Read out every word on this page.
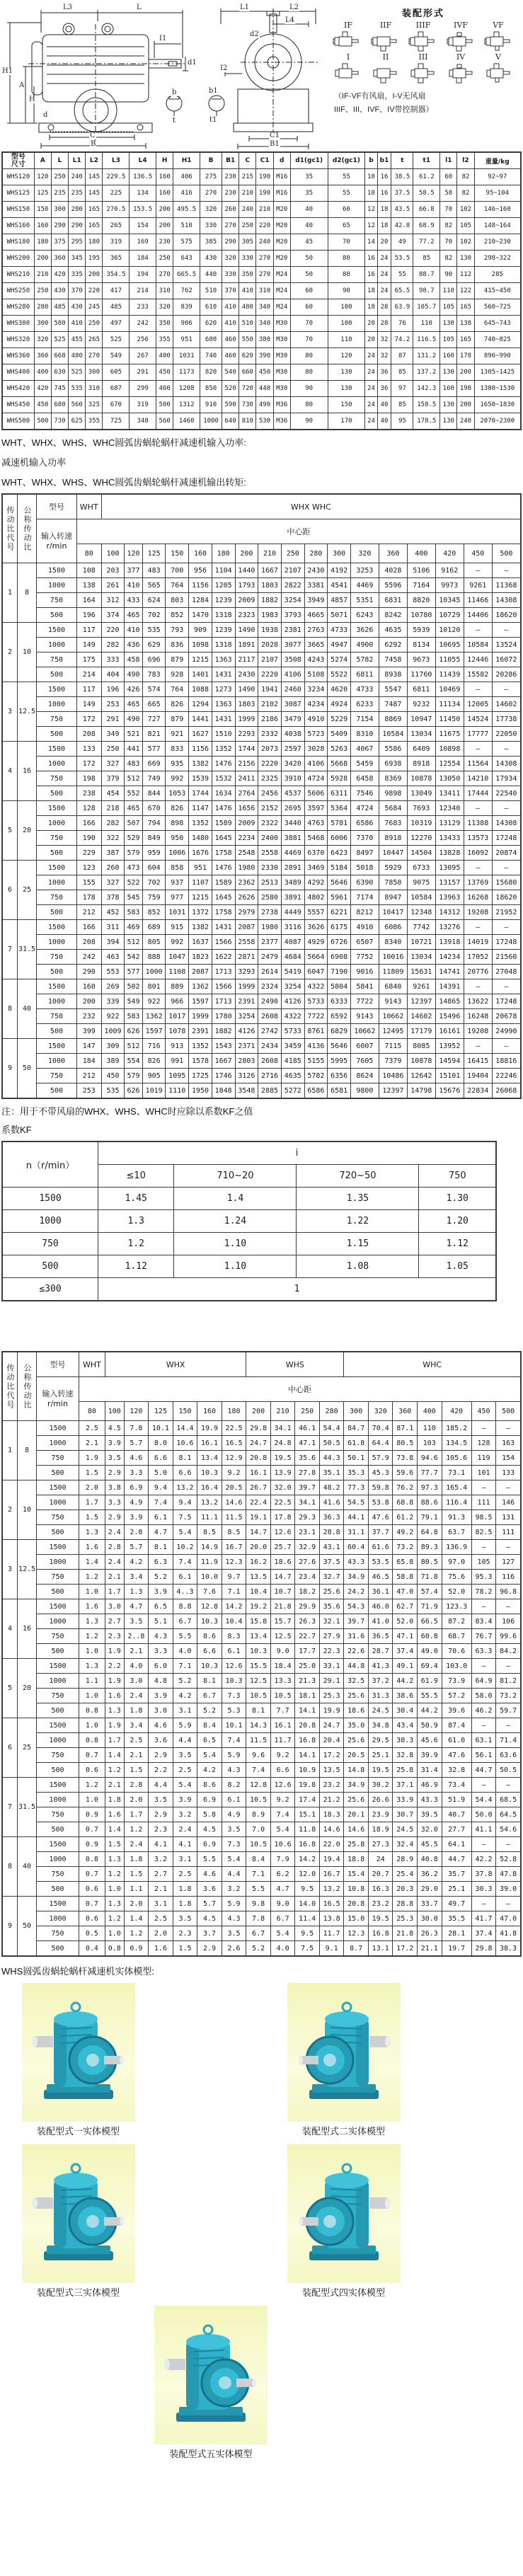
L3	L
H1
A
H
d
I1
d1
C
B
b
t
L1	L2
L4
d2
I2
b1
t1
C1
B1
装配形式
IF	IIF	IIIF	IVF	VF
I	II	III	IV	V
（IF-VF有风扇，I-V无风扇
IIIF、III、IVF、IV带控制器）
型号
尺寸	A	L	L1	L2	L3	L4	H	H1	B	B1	C	C1	d	d1(gc1)	d2(gc1)	b	b1	t	t1	l1	l2	重量/kg
WHS120	120	250	240	145	229.5	136.5	160	406	275	230	215	190	M16	35	55	10	16	38.5	61.2	60	82	92~97
WHS125	125	235	235	145	225	134	160	416	270	230	210	190	M16	35	55	10	16	37.5	58.5	58	82	95~104
WHS150	150	300	280	165	270.5	153.5	200	495.5	320	260	240	210	M20	40	60	12	18	43.5	66.8	70	102	146~160
WHS160	160	290	290	165	265	154	200	510	330	270	250	220	M20	40	65	12	18	42.8	68.9	82	105	148~164
WHS180	180	375	295	180	319	169	230	575	385	290	305	240	M20	45	70	14	20	49	77.2	70	102	210~230
WHS200	200	360	345	195	365	184	250	643	430	320	330	270	M20	50	80	16	24	53.5	85	82	130	298~322
WHS210	210	420	335	200	354.5	194	270	665.5	440	330	350	270	M24	50	80	16	24	55	88.7	90	112	285
WHS250	250	430	370	220	417	214	310	762	510	370	410	310	M24	60	90	18	24	65.5	98.7	110	122	415~450
WHS280	280	485	430	245	485	233	320	839	610	410	480	340	M24	60	100	18	28	63.9	105.7	105	165	560~725
WHS300	300	580	410	250	497	242	350	906	620	410	510	340	M30	70	100	20	28	76	110	130	138	645~743
WHS320	320	525	455	265	525	256	355	951	680	460	550	380	M30	70	110	20	32	74.2	116.5	105	165	740~825
WHS360	360	668	480	270	549	267	400	1031	740	460	620	390	M30	80	120	24	32	87	131.2	160	178	896~990
WHS400	400	630	525	300	605	291	450	1173	820	540	660	450	M30	80	130	24	36	85	137.2	130	200	1305~1425
WHS420	420	745	535	310	687	299	460	1208	850	520	720	440	M30	90	130	24	36	97	142.3	160	198	1380~1530
WHS450	450	680	560	325	670	319	500	1312	910	590	730	490	M36	80	150	24	40	85	158.5	130	200	1650~1830
WHS500	500	730	625	355	725	348	560	1460	1000	640	810	530	M36	90	170	24	40	95	178.5	130	240	2070~2300

WHT、WHX、WHS、WHC圆弧齿蜗轮蜗杆减速机输入功率:

减速机输入功率

WHT、WHX、WHS、WHC圆弧齿蜗轮蜗杆减速机输出转矩:

传动比代号	公称传动比	型号	WHT	WHX WHC																

		输入转速
r/min	中心距																	
			80	100	120	125	150	160	180	200	210	250	280	300	320	360	400	420	450	500
1	8	1500	108	203	377	483	700	956	1104	1440	1667	2107	2430	4192	3253	4028	5106	9162	—	—
		1000	138	261	410	565	764	1156	1205	1793	1803	2822	3381	4541	4469	5596	7164	9973	9261	11368
		750	164	312	433	624	803	1284	1239	2009	1882	3254	3949	4857	5351	6831	8820	10345	11466	14308
		500	196	374	465	702	852	1470	1318	2323	1983	3793	4665	5071	6243	8242	10780	10729	14406	18620
2	10	1500	117	220	410	535	793	909	1239	1490	1938	2381	2763	4733	3626	4635	5939	10120	—	—
		1000	149	282	436	629	836	1098	1318	1891	2028	3077	3665	4947	4900	6292	8134	10695	10584	13524
		750	175	333	458	696	879	1215	1363	2117	2107	3508	4243	5274	5782	7458	9673	11055	12446	16072
		500	214	404	490	783	928	1401	1431	2430	2220	4106	5108	5522	6811	8938	11760	11439	15582	20286
3	12.5	1500	117	196	426	574	764	1088	1273	1490	1941	2460	3234	4620	4733	5547	6811	10469	—	—
		1000	149	253	465	665	826	1294	1363	1803	2102	3087	4234	4924	6233	7487	9232	11134	12005	14602
		750	172	291	490	727	879	1441	1431	1999	2186	3479	4910	5229	7154	8869	10947	11450	14524	17738
		500	208	349	521	821	921	1627	1510	2293	2332	4038	5723	5409	8310	10584	13034	11675	17777	22050
4	16	1500	133	250	441	577	833	1156	1352	1744	2073	2597	3028	5263	4067	5586	6409	10898	—	—
		1000	172	327	483	669	935	1382	1476	2156	2220	3420	4106	5668	5459	6938	8918	12554	11564	14308
		750	198	379	512	749	992	1539	1532	2411	2325	3910	4724	5928	6458	8369	10878	13050	14210	17934
		500	238	454	552	844	1053	1744	1634	2764	2456	4537	5606	6311	7546	9898	13049	13411	17444	22540
5	20	1500	128	218	465	670	826	1147	1476	1656	2152	2695	3597	5364	4724	5684	7693	12340	—	—
		1000	166	282	507	794	898	1352	1589	2009	2322	3440	4763	5781	6586	7683	10319	13129	11388	14308
		750	190	322	529	849	950	1480	1645	2234	2400	3881	5468	6006	7370	8918	12270	13433	13573	17248
		500	229	387	579	959	1006	1676	1758	2548	2558	4469	6370	6423	8497	10447	14504	13828	16092	20874
6	25	1500	123	260	473	604	858	951	1476	1980	2330	2891	3469	5184	5018	5929	6733	13095	—	—
		1000	155	327	522	702	937	1107	1589	2362	2513	3489	4292	5646	6390	7850	9075	13157	13769	15680
		750	178	378	545	759	977	1215	1645	2626	2580	3891	4802	5961	7174	8947	10584	13963	16268	18620
		500	212	452	583	852	1031	1372	1758	2979	2738	4449	5557	6221	8212	10417	12348	14312	19208	21952
7	31.5	1500	166	311	469	689	915	1382	1431	2087	1980	3116	3626	6175	4910	6086	7742	13276	—	—
		1000	208	394	512	805	992	1637	1566	2558	2377	4087	4929	6726	6507	8340	10721	13918	14019	17248
		750	242	463	542	888	1047	1823	1622	2871	2479	4684	5664	6908	7752	10016	13034	14234	17052	21560
		500	290	553	577	1000	1108	2087	1713	3293	2614	5419	6047	7190	9016	11809	15631	14741	20776	27048
8	40	1500	160	269	502	801	889	1362	1566	1999	2324	3254	4322	5804	5841	6840	9261	14391	—	—
		1000	200	339	549	922	966	1597	1713	2391	2490	4126	5733	6333	7722	9143	12397	14865	13622	17248
		750	232	922	583	1362	1017	1999	1780	3254	2608	4322	7722	6592	9143	10662	14602	15496	16248	20678
		500	399	1009	626	1597	1078	2391	1882	4126	2742	5733	8761	6829	10662	12495	17179	16161	19208	24990
9	50	1500	147	309	512	716	913	1352	1543	2371	2434	3459	4136	5646	6007	7115	8085	13952	—	—
		1000	184	389	554	826	991	1578	1667	2803	2608	4185	5155	5995	7605	7379	10878	14594	16415	18816
		750	212	450	579	905	1095	1725	1746	3126	2716	4635	5782	6356	8624	10486	12642	15101	19404	22246
		500	253	535	626	1019	1110	1950	1848	3548	2885	5272	6586	6581	9800	12397	14798	15676	22834	26068

注：用于不带风扇的WHX、WHS、WHC时应除以系数KF之值

系数KF

n（r/min）	i			
	≤10	710~20	720~50	750
1500	1.45	1.4	1.35	1.30
1000	1.3	1.24	1.22	1.20
750	1.2	1.10	1.15	1.12
500	1.12	1.10	1.08	1.05
≤300	1			
传动比代号	公称传动比	型号	WHT	WHX						WHS				WHC						

		输入转速
r/min	中心距																	
			80	100	120	125	150	160	180	200	210	250	280	300	320	360	400	420	450	500
1	8	1500	2.5	4.5	7.8	10.1	14.4	19.9	22.5	29.8	34.1	46.1	54.4	84.7	70.4	87.1	110	185.2	—	—
		1000	2.1	3.9	5.7	8.0	10.6	16.1	16.5	24.7	24.8	47.1	50.5	61.8	64.4	80.5	103	134.5	128	163
		750	1.9	3.5	4.6	6.6	8.1	13.4	12.9	20.8	19.5	35.6	44.3	50.1	57.9	73.8	94.6	105.6	119	154
		500	1.5	2.9	3.3	5.0	6.6	10.3	9.2	16.1	13.9	27.8	35.1	35.3	45.3	59.6	77.7	73.1	101	133
2	10	1500	2.0	3.8	6.9	9.4	13.2	16.4	20.5	26.7	32.0	39.7	48.2	77.3	59.8	76.2	97.3	165.4	—	—
		1000	1.7	3.3	4.9	7.4	9.4	13.2	14.6	22.4	22.5	34.1	41.6	54.5	53.8	68.8	88.6	116.4	111	146
		750	1.5	2.9	3.9	6.1	7.5	11.1	11.5	19.1	17.8	29.3	36.3	44.1	47.6	61.2	79.1	91.3	98.5	131
		500	1.3	2.4	2.8	4.7	5.4	8.5	8.5	14.7	12.6	23.1	28.8	31.1	37.7	49.2	64.8	63.7	82.5	111
3	12.5	1500	1.6	2.8	5.7	8.1	10.2	14.9	16.7	20.0	25.7	32.9	43.1	60.4	61.6	73.2	89.3	136.9	—	—
		1000	1.4	2.4	4.2	6.3	7.4	11.9	12.3	16.2	18.6	27.6	37.5	43.3	53.5	65.8	80.5	97.0	105	127
		750	1.2	2.1	3.4	5.2	6.1	10.0	9.7	13.5	14.7	23.4	32.7	34.9	46.5	58.8	71.8	75.6	95.3	116
		500	1.0	1.7	1.3	3.9	4..3	7.6	7.1	10.4	10.7	18.2	25.6	24.2	36.1	47.0	57.4	52.0	78.2	96.8
4	16	1500	1.6	3.0	4.7	6.5	8.8	12.8	14.2	19.2	21.8	29.9	35.6	54.3	46.0	62.7	71.9	123.3	—	—
		1000	1.3	2.7	3.5	5.1	6.7	10.3	10.4	15.8	15.7	26.3	32.1	39.7	41.0	52.0	66.5	87.2	83.4	106
		750	1.2	2.3	2..8	4.3	5.5	8.6	8.3	13.4	12.5	22.7	27.9	31.6	36.5	47.1	60.8	68.7	76.7	99.6
		500	1.0	1.9	2.1	3.3	4.0	6.6	6.1	10.3	9.0	17.7	22.3	22.6	28.7	37.4	49.0	70.6	63.3	84.2
5	20	1500	1.3	2.2	4.0	6.0	7.1	10.3	12.6	15.5	18.4	25.0	33.1	44.8	41.3	49.1	69.4	103.0	—	—
		1000	1.1	1.9	3.0	4.8	5.2	8.1	10.3	12.5	13.3	21.3	29.1	32.5	37.2	44.2	61.9	73.9	64.9	81.2
		750	1.0	1.6	2.4	3.9	4.2	6.7	7.3	10.5	10.5	18.1	25.3	25.6	31.3	38.6	55.5	57.2	58.0	73.2
		500	0.8	1.3	1.8	3.0	3.1	5.2	5.3	8.1	7.7	14.1	19.9	18.6	24.5	30.4	44.2	39.6	46.2	59.7
6	25	1500	1.0	1.9	3.4	4.6	5.9	8.4	10.1	14.3	16.1	20.8	24.7	35.0	34.8	43.4	50.9	87.4	—	—
		1000	0.8	1.7	2.5	3.6	4.4	6.5	7.4	11.5	11.7	16.8	20.4	25.6	29.5	38.3	45.6	61.0	63.1	71.4
		750	0.7	1.4	2.1	2.9	3.5	5.4	5.9	9.6	9.2	14.1	17.2	20.5	25.1	32.8	39.9	47.6	56.1	63.6
		500	0.6	1.2	1.5	2.2	2.5	4.2	4.3	7.4	6.6	10.9	13.5	14.8	19.5	25.8	31.4	32.8	44.7	50.5
7	31.5	1500	1.2	2.1	2.8	4.4	5.4	8.6	8.2	12.8	12.6	19.8	23.2	34.9	30.2	37.1	46.9	73.4	—	—
		1000	1.0	1.8	2.0	3.5	3.9	6.9	6.1	10.5	9.2	17.4	21.2	25.6	26.6	33.9	43.3	51.9	54.4	68.5
		750	0.9	1.6	1.7	2.9	3.2	5.8	4.9	8.9	7.4	15.1	18.3	20.1	23.9	30.7	39.5	40.7	50.0	64.5
		500	0.7	1.4	1.2	2.3	2.4	4.5	3.5	7.0	5.4	11.8	14.6	14.6	18.9	24.5	32.0	27.7	41.1	54.6
8	40	1500	0.9	1.5	2.4	4.1	4.1	6.9	7.3	10.5	10.6	16.8	22.0	25.8	27.3	32.4	45.5	64.1	—	—
		1000	0.8	1.3	1.8	3.2	3.1	5.5	5.4	8.4	7.9	14.2	19.4	18.8	24	28.9	40.8	44.7	42.2	52.8
		750	0.7	1.2	1.5	2.7	2.5	4.6	4.4	7.1	6.2	12.0	16.7	15.4	20.7	25.4	36.2	35.7	37.8	47.8
		500	0.6	1.0	1.1	2.1	1.8	3.6	3.2	5.5	4.7	9.5	13.2	10.8	16.3	20.3	29.0	25.1	30.3	39.0
9	50	1500	0.7	1.3	2.0	3.1	1.8	5.7	5.9	9.8	9.0	14.0	16.5	20.8	23.2	28.8	33.7	49.7	—	—
		1000	0.6	1.2	1.4	2.5	3.5	4.5	4.3	7.8	6.7	11.4	13.8	15.0	19.5	25.3	30.0	35.5	41.7	47.0
		750	0.5	1.0	1.2	2.0	2.3	3.7	3.5	6.7	5.4	9.5	11.7	12.3	16.8	21.8	26.3	28.1	37.4	41.8
		500	0.4	0.8	0.9	1.6	1.5	2.9	2.6	5.2	4.0	7.5	9.1	8.7	13.1	17.2	21.1	19.7	29.8	38.3

WHS圆弧齿蜗轮蜗杆减速机实体模型:

装配型式一实体模型	装配型式二实体模型
装配型式三实体模型	装配型式四实体模型
装配型式五实体模型
